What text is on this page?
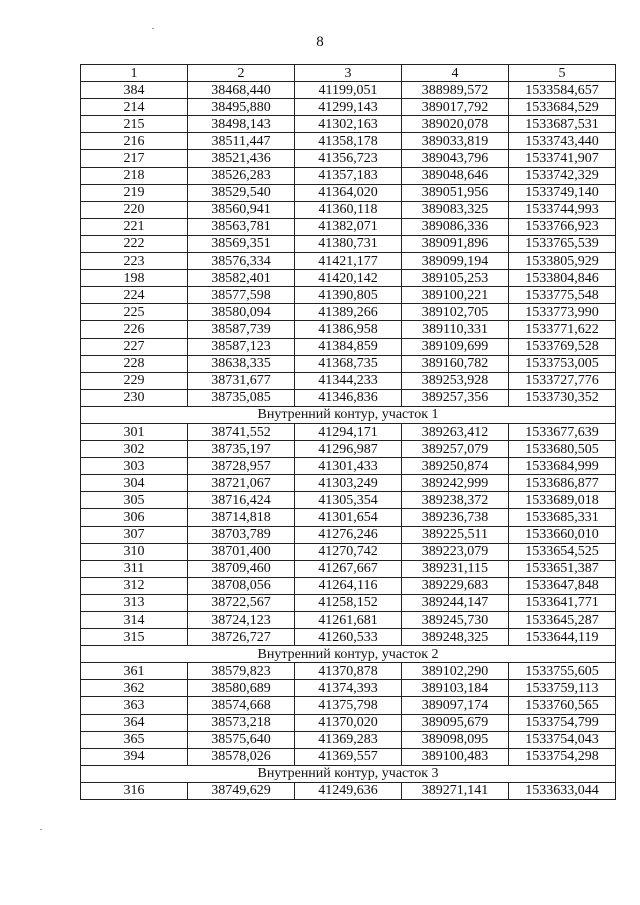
8
1	2	3	4	5
384	38468,440	41199,051	388989,572	1533584,657
214	38495,880	41299,143	389017,792	1533684,529
215	38498,143	41302,163	389020,078	1533687,531
216	38511,447	41358,178	389033,819	1533743,440
217	38521,436	41356,723	389043,796	1533741,907
218	38526,283	41357,183	389048,646	1533742,329
219	38529,540	41364,020	389051,956	1533749,140
220	38560,941	41360,118	389083,325	1533744,993
221	38563,781	41382,071	389086,336	1533766,923
222	38569,351	41380,731	389091,896	1533765,539
223	38576,334	41421,177	389099,194	1533805,929
198	38582,401	41420,142	389105,253	1533804,846
224	38577,598	41390,805	389100,221	1533775,548
225	38580,094	41389,266	389102,705	1533773,990
226	38587,739	41386,958	389110,331	1533771,622
227	38587,123	41384,859	389109,699	1533769,528
228	38638,335	41368,735	389160,782	1533753,005
229	38731,677	41344,233	389253,928	1533727,776
230	38735,085	41346,836	389257,356	1533730,352
Внутренний контур, участок 1				
301	38741,552	41294,171	389263,412	1533677,639
302	38735,197	41296,987	389257,079	1533680,505
303	38728,957	41301,433	389250,874	1533684,999
304	38721,067	41303,249	389242,999	1533686,877
305	38716,424	41305,354	389238,372	1533689,018
306	38714,818	41301,654	389236,738	1533685,331
307	38703,789	41276,246	389225,511	1533660,010
310	38701,400	41270,742	389223,079	1533654,525
311	38709,460	41267,667	389231,115	1533651,387
312	38708,056	41264,116	389229,683	1533647,848
313	38722,567	41258,152	389244,147	1533641,771
314	38724,123	41261,681	389245,730	1533645,287
315	38726,727	41260,533	389248,325	1533644,119
Внутренний контур, участок 2				
361	38579,823	41370,878	389102,290	1533755,605
362	38580,689	41374,393	389103,184	1533759,113
363	38574,668	41375,798	389097,174	1533760,565
364	38573,218	41370,020	389095,679	1533754,799
365	38575,640	41369,283	389098,095	1533754,043
394	38578,026	41369,557	389100,483	1533754,298
Внутренний контур, участок 3				
316	38749,629	41249,636	389271,141	1533633,044
